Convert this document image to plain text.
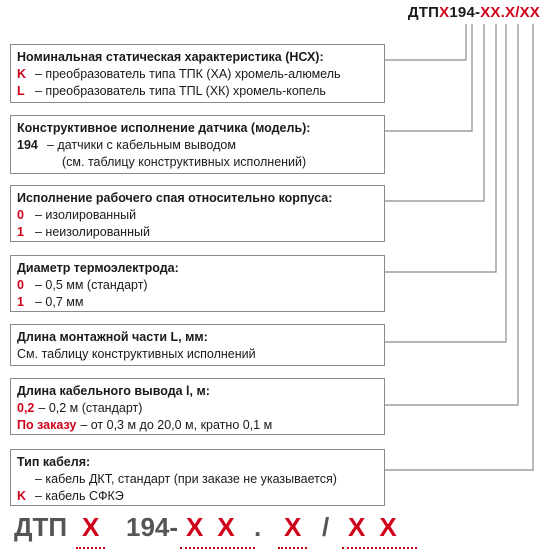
ДТПX194-XX.X/XX
Номинальная статическая характеристика (НСХ):
K – преобразователь типа ТПК (ХА) хромель-алюмель
L – преобразователь типа ТПL (ХК) хромель-копель
Конструктивное исполнение датчика (модель):
194 – датчики с кабельным выводом
(см. таблицу конструктивных исполнений)
Исполнение рабочего спая относительно корпуса:
0 – изолированный
1 – неизолированный
Диаметр термоэлектрода:
0 – 0,5 мм (стандарт)
1 – 0,7 мм
Длина монтажной части L, мм:
См. таблицу конструктивных исполнений
Длина кабельного вывода l, м:
0,2 – 0,2 м (стандарт)
По заказу – от 0,3 м до 20,0 м, кратно 0,1 м
Тип кабеля:
– кабель ДКТ, стандарт (при заказе не указывается)
K – кабель СФКЭ
ДТП X 194- XX . X / XX
